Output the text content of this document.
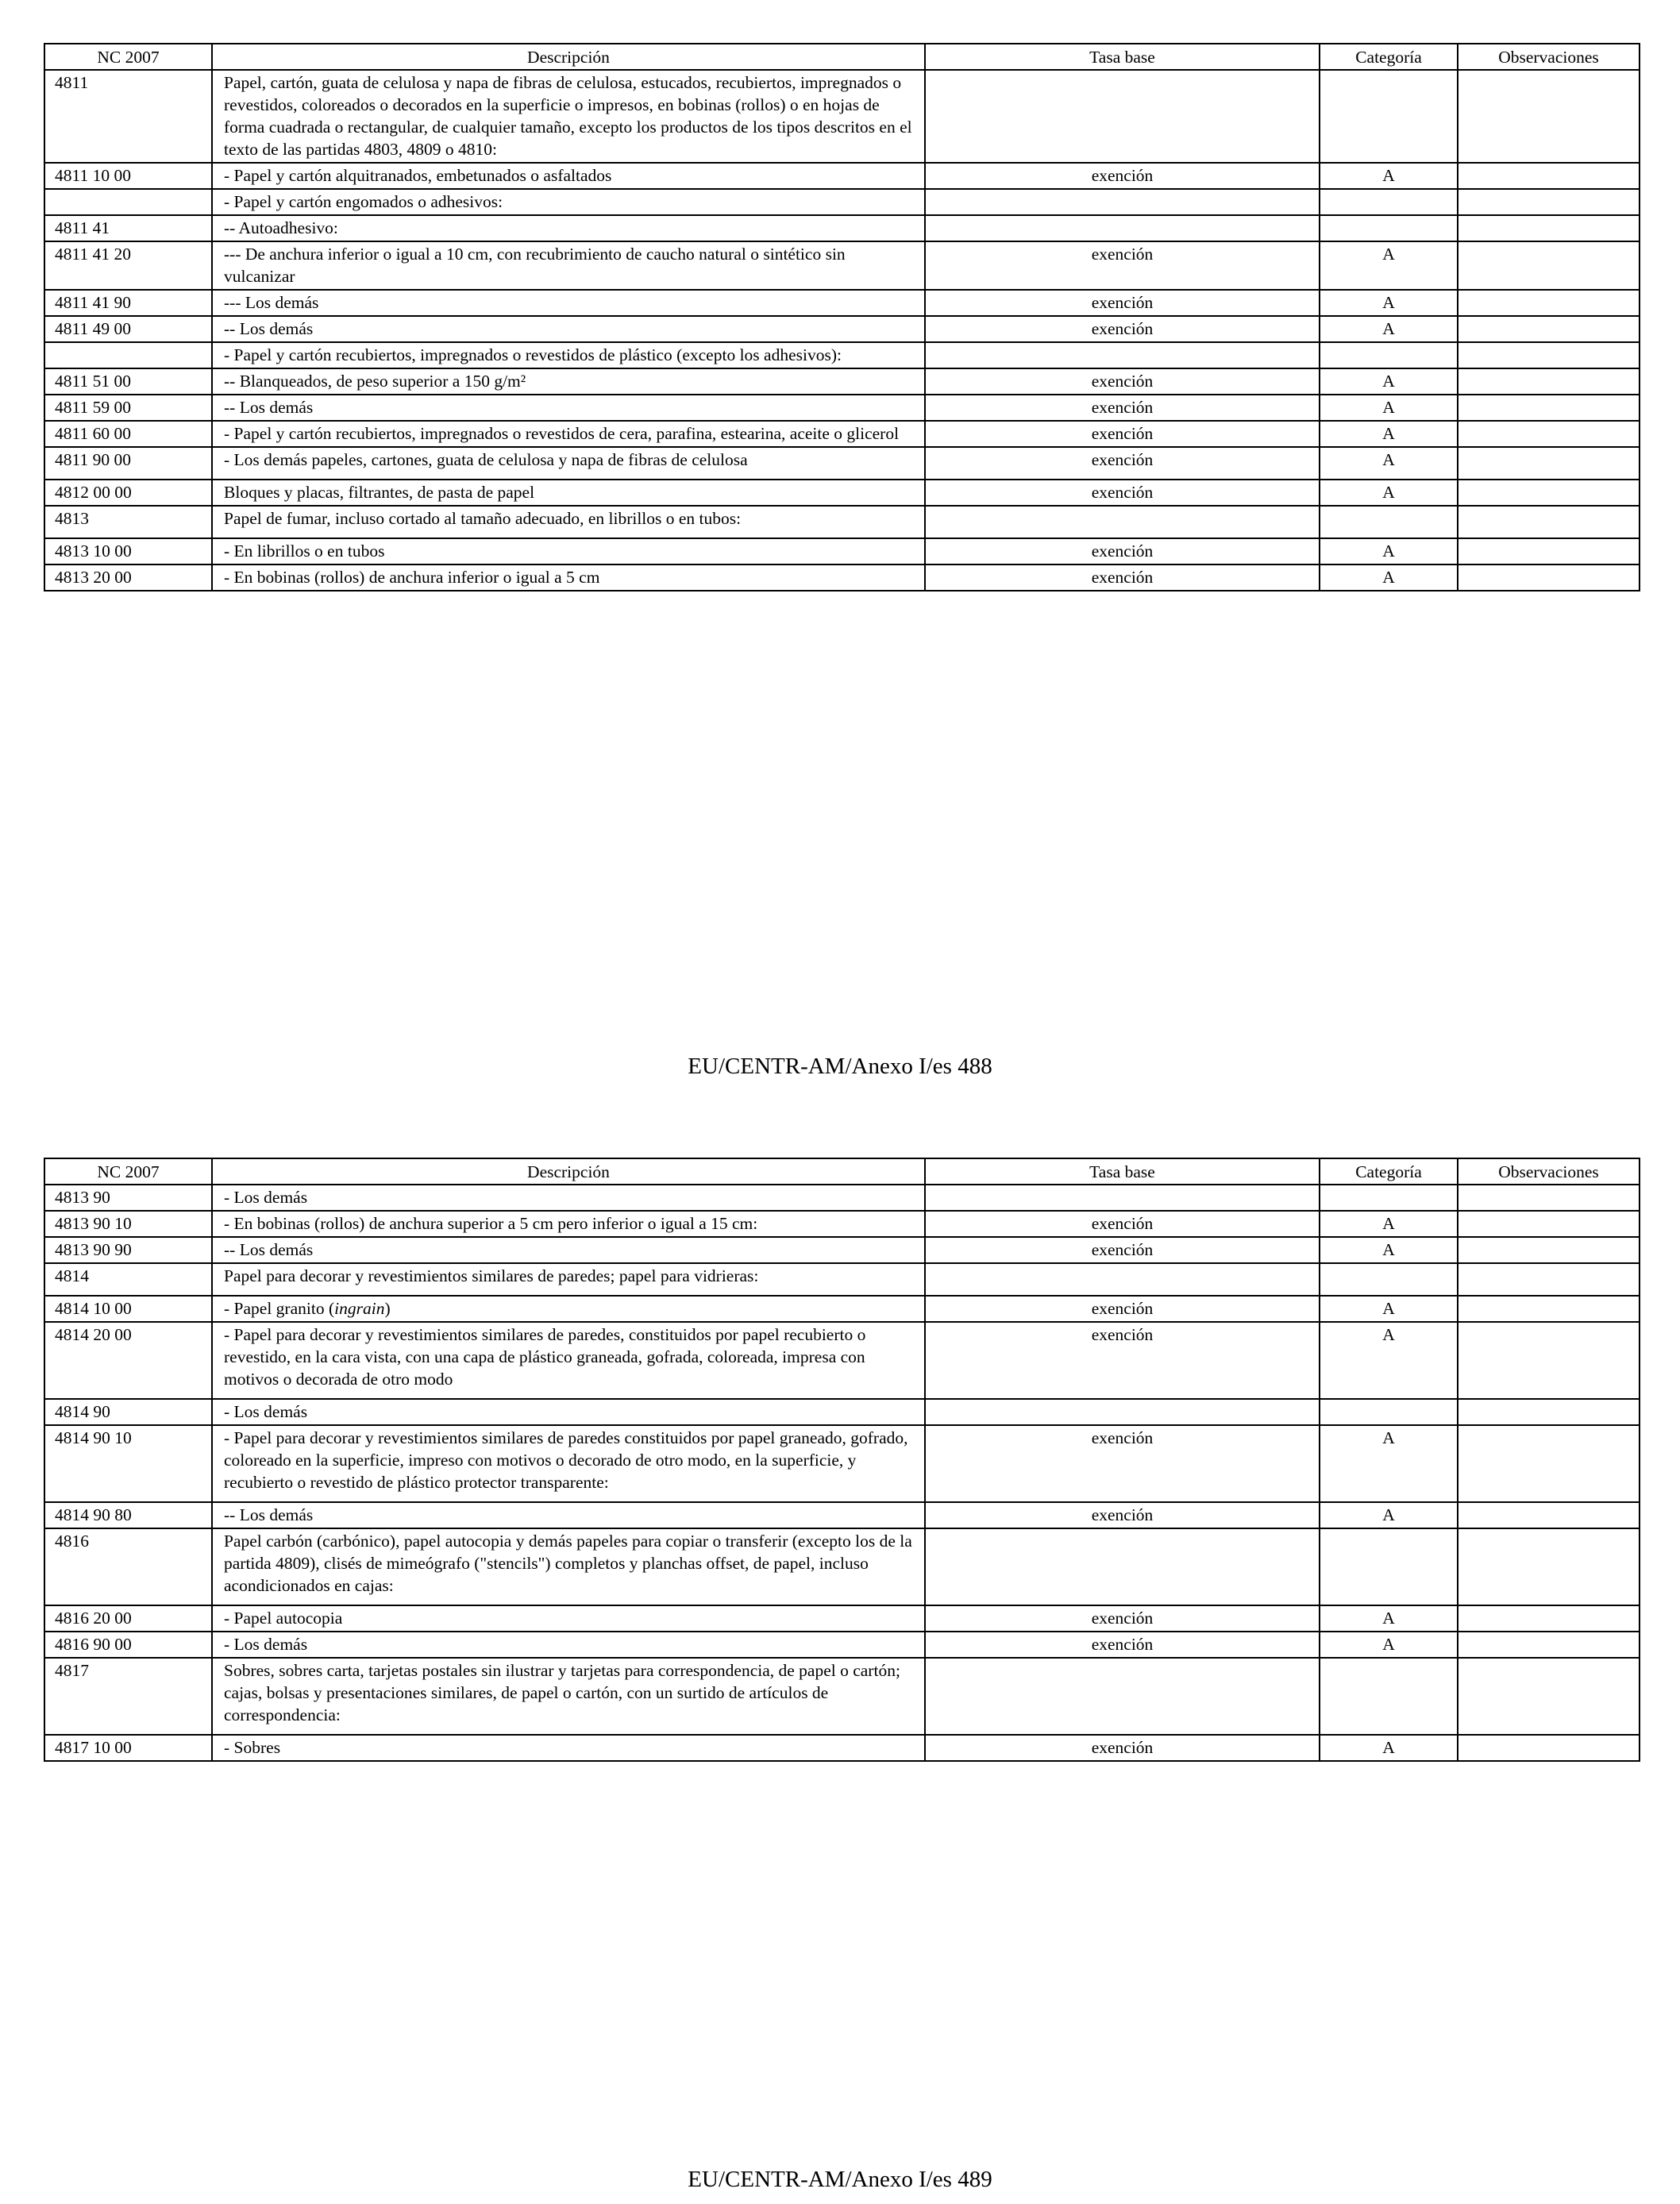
NC 2007	Descripción	Tasa base	Categoría	Observaciones
4811	Papel, cartón, guata de celulosa y napa de fibras de celulosa, estucados, recubiertos, impregnados o revestidos, coloreados o decorados en la superficie o impresos, en bobinas (rollos) o en hojas de forma cuadrada o rectangular, de cualquier tamaño, excepto los productos de los tipos descritos en el texto de las partidas 4803, 4809 o 4810:			
4811 10 00	- Papel y cartón alquitranados, embetunados o asfaltados	exención	A	
	- Papel y cartón engomados o adhesivos:			
4811 41	-- Autoadhesivo:			
4811 41 20	--- De anchura inferior o igual a 10 cm, con recubrimiento de caucho natural o sintético sin vulcanizar	exención	A	
4811 41 90	--- Los demás	exención	A	
4811 49 00	-- Los demás	exención	A	
	- Papel y cartón recubiertos, impregnados o revestidos de plástico (excepto los adhesivos):			
4811 51 00	-- Blanqueados, de peso superior a 150 g/m²	exención	A	
4811 59 00	-- Los demás	exención	A	
4811 60 00	- Papel y cartón recubiertos, impregnados o revestidos de cera, parafina, estearina, aceite o glicerol	exención	A	
4811 90 00	- Los demás papeles, cartones, guata de celulosa y napa de fibras de celulosa	exención	A	
4812 00 00	Bloques y placas, filtrantes, de pasta de papel	exención	A	
4813	Papel de fumar, incluso cortado al tamaño adecuado, en librillos o en tubos:

4813 10 00	- En librillos o en tubos	exención	A	
4813 20 00	- En bobinas (rollos) de anchura inferior o igual a 5 cm	exención	A	
EU/CENTR-AM/Anexo I/es 488
NC 2007	Descripción	Tasa base	Categoría	Observaciones
4813 90	- Los demás			
4813 90 10	- En bobinas (rollos) de anchura superior a 5 cm pero inferior o igual a 15 cm:	exención	A	
4813 90 90	-- Los demás	exención	A	
4814	Papel para decorar y revestimientos similares de paredes; papel para vidrieras:

4814 10 00	- Papel granito (ingrain)	exención	A	
4814 20 00	- Papel para decorar y revestimientos similares de paredes, constituidos por papel recubierto o revestido, en la cara vista, con una capa de plástico graneada, gofrada, coloreada, impresa con motivos o decorada de otro modo	exención	A	
4814 90	- Los demás			
4814 90 10	- Papel para decorar y revestimientos similares de paredes constituidos por papel graneado, gofrado, coloreado en la superficie, impreso con motivos o decorado de otro modo, en la superficie, y recubierto o revestido de plástico protector transparente:	exención	A	
4814 90 80	-- Los demás	exención	A	
4816	Papel carbón (carbónico), papel autocopia y demás papeles para copiar o transferir (excepto los de la partida 4809), clisés de mimeógrafo ("stencils") completos y planchas offset, de papel, incluso acondicionados en cajas:

4816 20 00	- Papel autocopia	exención	A	
4816 90 00	- Los demás	exención	A	
4817	Sobres, sobres carta, tarjetas postales sin ilustrar y tarjetas para correspondencia, de papel o cartón; cajas, bolsas y presentaciones similares, de papel o cartón, con un surtido de artículos de correspondencia:

4817 10 00	- Sobres	exención	A	
EU/CENTR-AM/Anexo I/es 489
